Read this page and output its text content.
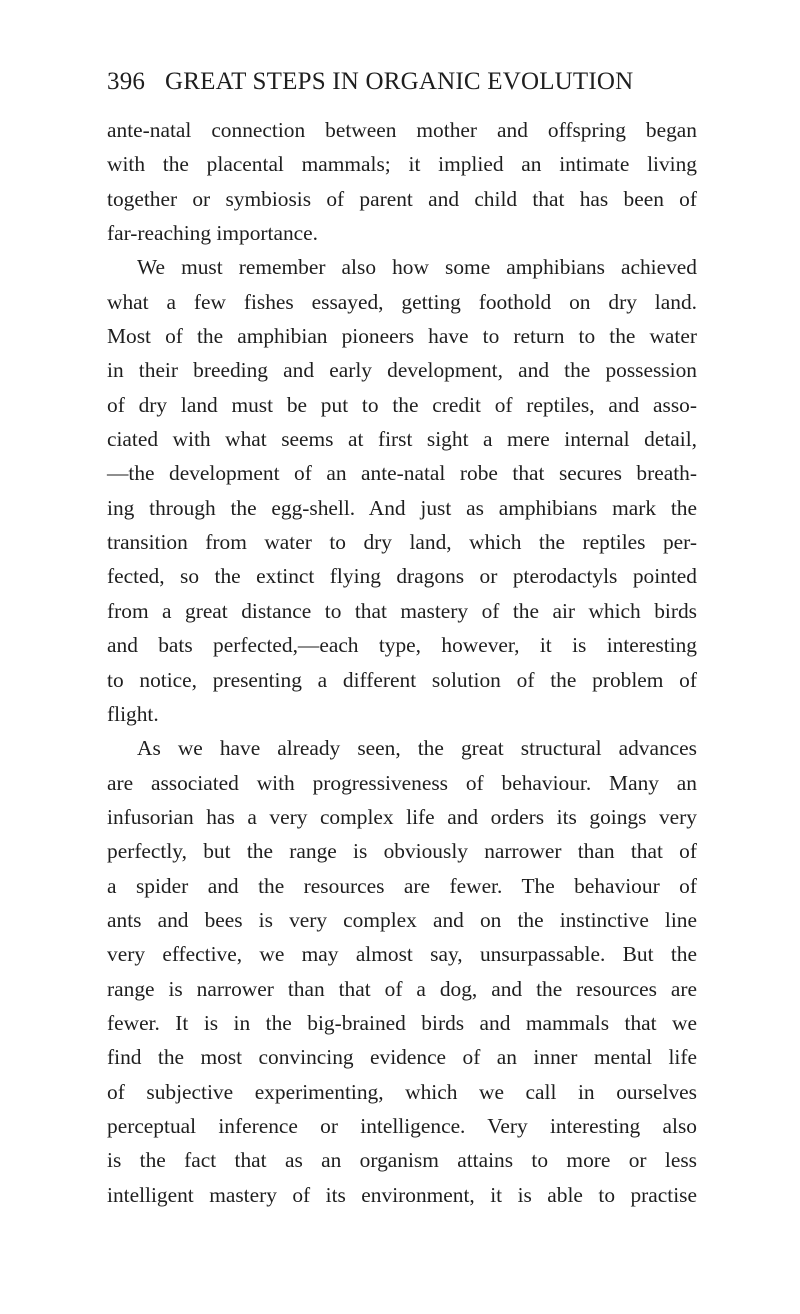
396 GREAT STEPS IN ORGANIC EVOLUTION
ante-natal connection between mother and offspring began
with the placental mammals; it implied an intimate living
together or symbiosis of parent and child that has been of
far-reaching importance.
We must remember also how some amphibians achieved
what a few fishes essayed, getting foothold on dry land.
Most of the amphibian pioneers have to return to the water
in their breeding and early development, and the possession
of dry land must be put to the credit of reptiles, and asso-
ciated with what seems at first sight a mere internal detail,
—the development of an ante-natal robe that secures breath-
ing through the egg-shell. And just as amphibians mark the
transition from water to dry land, which the reptiles per-
fected, so the extinct flying dragons or pterodactyls pointed
from a great distance to that mastery of the air which birds
and bats perfected,—each type, however, it is interesting
to notice, presenting a different solution of the problem of
flight.
As we have already seen, the great structural advances
are associated with progressiveness of behaviour. Many an
infusorian has a very complex life and orders its goings very
perfectly, but the range is obviously narrower than that of
a spider and the resources are fewer. The behaviour of
ants and bees is very complex and on the instinctive line
very effective, we may almost say, unsurpassable. But the
range is narrower than that of a dog, and the resources are
fewer. It is in the big-brained birds and mammals that we
find the most convincing evidence of an inner mental life
of subjective experimenting, which we call in ourselves
perceptual inference or intelligence. Very interesting also
is the fact that as an organism attains to more or less
intelligent mastery of its environment, it is able to practise
